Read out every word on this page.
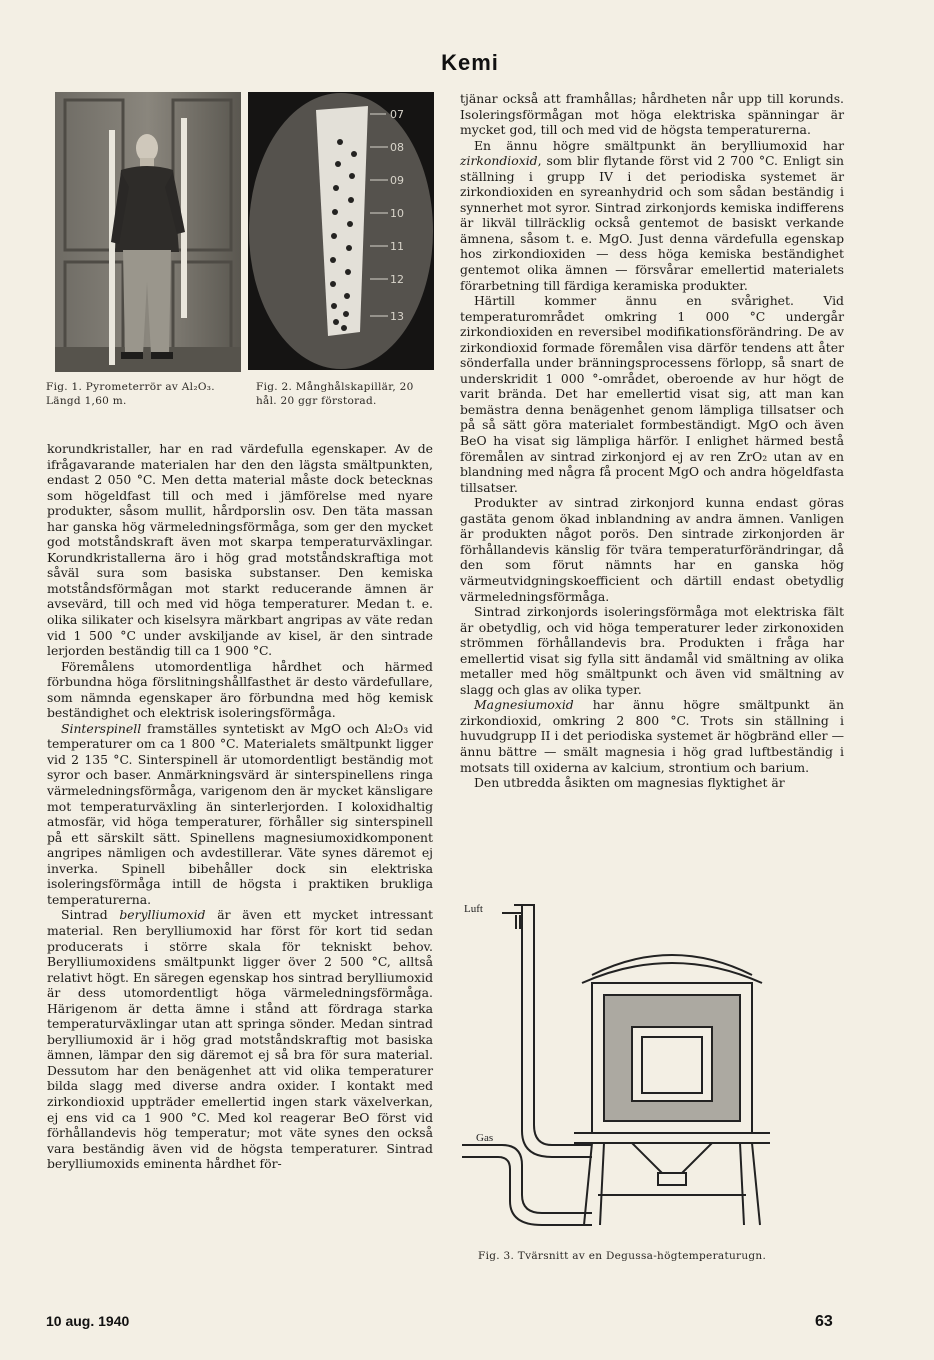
Kemi
07
08
09
10
11
12
13
Fig. 1. Pyrometerrör av Al₂O₃. Längd 1,60 m.
Fig. 2. Månghålskapillär, 20 hål. 20 ggr förstorad.

korundkristaller, har en rad värdefulla egenskaper. Av de ifrågavarande materialen har den den lägsta smältpunkten, endast 2 050 °C. Men detta material måste dock betecknas som högeldfast till och med i jämförelse med nyare produkter, såsom mullit, hårdporslin osv. Den täta massan har ganska hög värmeledningsförmåga, som ger den mycket god motståndskraft även mot skarpa temperaturväxlingar. Korundkristallerna äro i hög grad motståndskraftiga mot såväl sura som basiska substanser. Den kemiska motståndsförmågan mot starkt reducerande ämnen är avsevärd, till och med vid höga temperaturer. Medan t. e. olika silikater och kiselsyra märkbart angripas av väte redan vid 1 500 °C under avskiljande av kisel, är den sintrade lerjorden beständig till ca 1 900 °C.

Föremålens utomordentliga hårdhet och härmed förbundna höga förslitningshållfasthet är desto värdefullare, som nämnda egenskaper äro förbundna med hög kemisk beständighet och elektrisk isoleringsförmåga.

Sinterspinell framställes syntetiskt av MgO och Al₂O₃ vid temperaturer om ca 1 800 °C. Materialets smältpunkt ligger vid 2 135 °C. Sinterspinell är utomordentligt beständig mot syror och baser. Anmärkningsvärd är sinterspinellens ringa värmeledningsförmåga, varigenom den är mycket känsligare mot temperaturväxling än sinterlerjorden. I koloxidhaltig atmosfär, vid höga temperaturer, förhåller sig sinterspinell på ett särskilt sätt. Spinellens magnesiumoxidkomponent angripes nämligen och avdestillerar. Väte synes däremot ej inverka. Spinell bibehåller dock sin elektriska isoleringsförmåga intill de högsta i praktiken brukliga temperaturerna.

Sintrad berylliumoxid är även ett mycket intressant material. Ren berylliumoxid har först för kort tid sedan producerats i större skala för tekniskt behov. Berylliumoxidens smältpunkt ligger över 2 500 °C, alltså relativt högt. En säregen egenskap hos sintrad berylliumoxid är dess utomordentligt höga värmeledningsförmåga. Härigenom är detta ämne i stånd att fördraga starka temperaturväxlingar utan att springa sönder. Medan sintrad berylliumoxid är i hög grad motståndskraftig mot basiska ämnen, lämpar den sig däremot ej så bra för sura material. Dessutom har den benägenhet att vid olika temperaturer bilda slagg med diverse andra oxider. I kontakt med zirkondioxid uppträder emellertid ingen stark växelverkan, ej ens vid ca 1 900 °C. Med kol reagerar BeO först vid förhållandevis hög temperatur; mot väte synes den också vara beständig även vid de högsta temperaturer. Sintrad berylliumoxids eminenta hårdhet för-

tjänar också att framhållas; hårdheten når upp till korunds. Isoleringsförmågan mot höga elektriska spänningar är mycket god, till och med vid de högsta temperaturerna.

En ännu högre smältpunkt än berylliumoxid har zirkondioxid, som blir flytande först vid 2 700 °C. Enligt sin ställning i grupp IV i det periodiska systemet är zirkondioxiden en syreanhydrid och som sådan beständig i synnerhet mot syror. Sintrad zirkonjords kemiska indifferens är likväl tillräcklig också gentemot de basiskt verkande ämnena, såsom t. e. MgO. Just denna värdefulla egenskap hos zirkondioxiden — dess höga kemiska beständighet gentemot olika ämnen — försvårar emellertid materialets förarbetning till färdiga keramiska produkter.

Härtill kommer ännu en svårighet. Vid temperaturområdet omkring 1 000 °C undergår zirkondioxiden en reversibel modifikationsförändring. De av zirkondioxid formade föremålen visa därför tendens att åter sönderfalla under bränningsprocessens förlopp, så snart de underskridit 1 000 °-området, oberoende av hur högt de varit brända. Det har emellertid visat sig, att man kan bemästra denna benägenhet genom lämpliga tillsatser och på så sätt göra materialet formbeständigt. MgO och även BeO ha visat sig lämpliga härför. I enlighet härmed bestå föremålen av sintrad zirkonjord ej av ren ZrO₂ utan av en blandning med några få procent MgO och andra högeldfasta tillsatser.

Produkter av sintrad zirkonjord kunna endast göras gastäta genom ökad inblandning av andra ämnen. Vanligen är produkten något porös. Den sintrade zirkonjorden är förhållandevis känslig för tvära temperaturförändringar, då den som förut nämnts har en ganska hög värmeutvidgningskoefficient och därtill endast obetydlig värmeledningsförmåga.

Sintrad zirkonjords isoleringsförmåga mot elektriska fält är obetydlig, och vid höga temperaturer leder zirkonoxiden strömmen förhållandevis bra. Produkten i fråga har emellertid visat sig fylla sitt ändamål vid smältning av olika metaller med hög smältpunkt och även vid smältning av slagg och glas av olika typer.

Magnesiumoxid har ännu högre smältpunkt än zirkondioxid, omkring 2 800 °C. Trots sin ställning i huvudgrupp II i det periodiska systemet är högbränd eller — ännu bättre — smält magnesia i hög grad luftbeständig i motsats till oxiderna av kalcium, strontium och barium.

Den utbredda åsikten om magnesias flyktighet är

Luft
Gas
Fig. 3. Tvärsnitt av en Degussa-högtemperaturugn.
10 aug. 1940	63
